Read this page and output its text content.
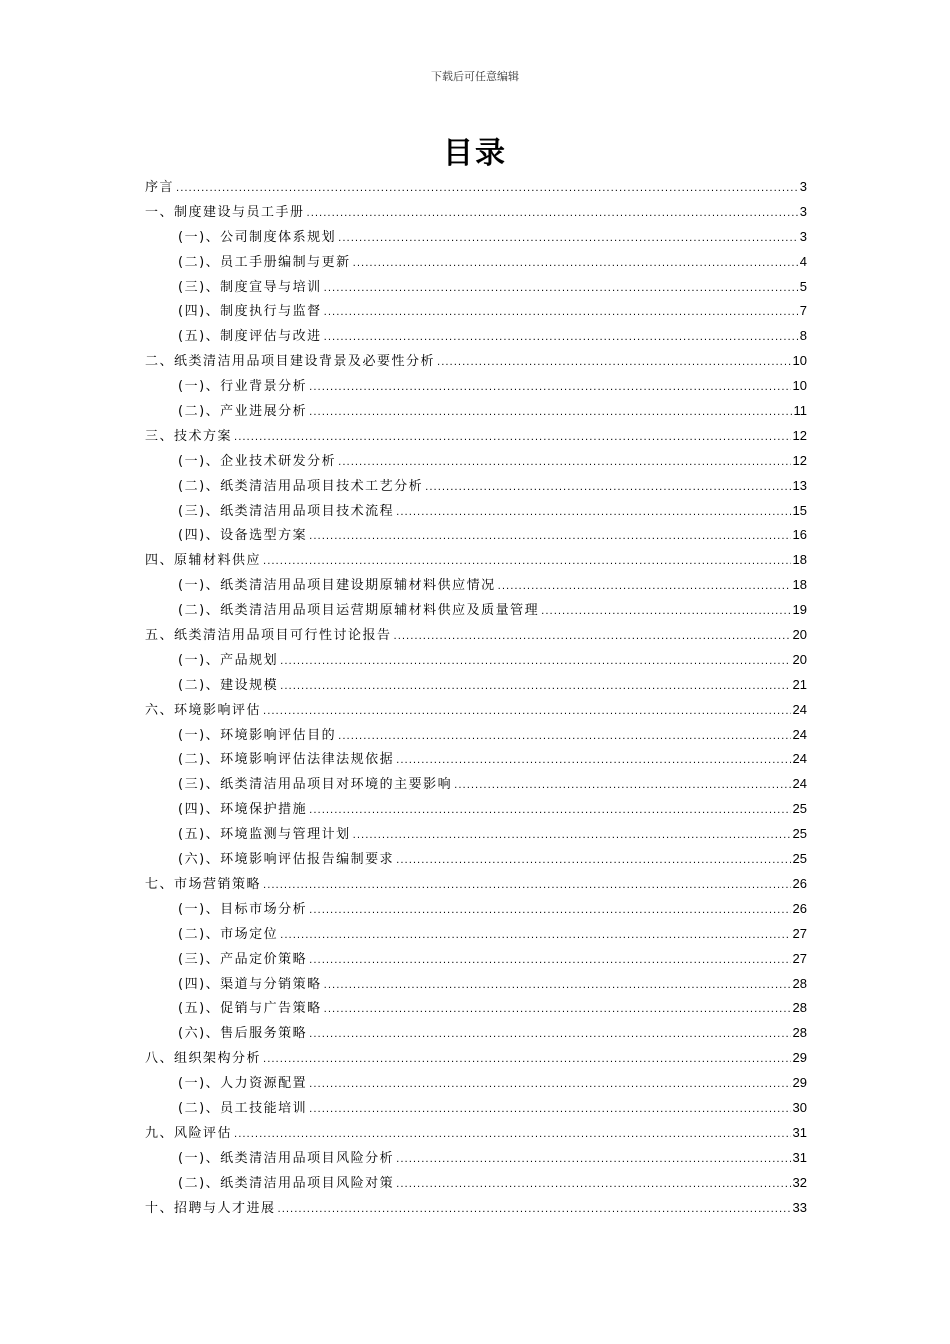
下载后可任意编辑
目录
序言 .....	3
一、制度建设与员工手册 .....	3
(一)、公司制度体系规划 .....	3
(二)、员工手册编制与更新 .....	4
(三)、制度宣导与培训 .....	5
(四)、制度执行与监督 .....	7
(五)、制度评估与改进 .....	8
二、纸类清洁用品项目建设背景及必要性分析 .....	10
(一)、行业背景分析 .....	10
(二)、产业进展分析 .....	11
三、技术方案 .....	12
(一)、企业技术研发分析 .....	12
(二)、纸类清洁用品项目技术工艺分析 .....	13
(三)、纸类清洁用品项目技术流程 .....	15
(四)、设备选型方案 .....	16
四、原辅材料供应 .....	18
(一)、纸类清洁用品项目建设期原辅材料供应情况 .....	18
(二)、纸类清洁用品项目运营期原辅材料供应及质量管理 .....	19
五、纸类清洁用品项目可行性讨论报告 .....	20
(一)、产品规划 .....	20
(二)、建设规模 .....	21
六、环境影响评估 .....	24
(一)、环境影响评估目的 .....	24
(二)、环境影响评估法律法规依据 .....	24
(三)、纸类清洁用品项目对环境的主要影响 .....	24
(四)、环境保护措施 .....	25
(五)、环境监测与管理计划 .....	25
(六)、环境影响评估报告编制要求 .....	25
七、市场营销策略 .....	26
(一)、目标市场分析 .....	26
(二)、市场定位 .....	27
(三)、产品定价策略 .....	27
(四)、渠道与分销策略 .....	28
(五)、促销与广告策略 .....	28
(六)、售后服务策略 .....	28
八、组织架构分析 .....	29
(一)、人力资源配置 .....	29
(二)、员工技能培训 .....	30
九、风险评估 .....	31
(一)、纸类清洁用品项目风险分析 .....	31
(二)、纸类清洁用品项目风险对策 .....	32
十、招聘与人才进展 .....	33
